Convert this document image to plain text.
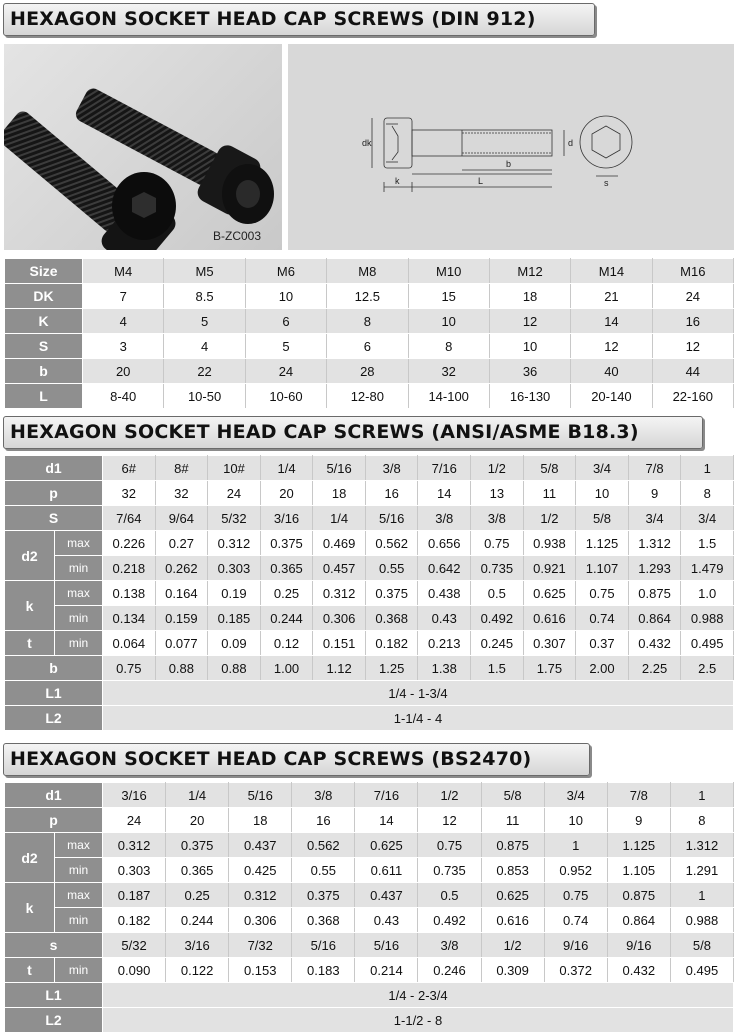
HEXAGON SOCKET HEAD CAP SCREWS (DIN 912)
B-ZC003
dk	d
k	L
b
s
Size	M4	M5	M6	M8	M10	M12	M14	M16
DK	7	8.5	10	12.5	15	18	21	24
K	4	5	6	8	10	12	14	16
S	3	4	5	6	8	10	12	12
b	20	22	24	28	32	36	40	44
L	8-40	10-50	10-60	12-80	14-100	16-130	20-140	22-160
HEXAGON SOCKET HEAD CAP SCREWS (ANSI/ASME B18.3)
d1		6#	8#	10#	1/4	5/16	3/8	7/16	1/2	5/8	3/4	7/8	1
p		32	32	24	20	18	16	14	13	11	10	9	8
S		7/64	9/64	5/32	3/16	1/4	5/16	3/8	3/8	1/2	5/8	3/4	3/4
d2	max	0.226	0.27	0.312	0.375	0.469	0.562	0.656	0.75	0.938	1.125	1.312	1.5
	min	0.218	0.262	0.303	0.365	0.457	0.55	0.642	0.735	0.921	1.107	1.293	1.479
k	max	0.138	0.164	0.19	0.25	0.312	0.375	0.438	0.5	0.625	0.75	0.875	1.0
	min	0.134	0.159	0.185	0.244	0.306	0.368	0.43	0.492	0.616	0.74	0.864	0.988
t	min	0.064	0.077	0.09	0.12	0.151	0.182	0.213	0.245	0.307	0.37	0.432	0.495
b		0.75	0.88	0.88	1.00	1.12	1.25	1.38	1.5	1.75	2.00	2.25	2.5
L1		1/4 - 1-3/4											
L2		1-1/4 - 4											
HEXAGON SOCKET HEAD CAP SCREWS (BS2470)
d1		3/16	1/4	5/16	3/8	7/16	1/2	5/8	3/4	7/8	1
p		24	20	18	16	14	12	11	10	9	8
d2	max	0.312	0.375	0.437	0.562	0.625	0.75	0.875	1	1.125	1.312
	min	0.303	0.365	0.425	0.55	0.611	0.735	0.853	0.952	1.105	1.291
k	max	0.187	0.25	0.312	0.375	0.437	0.5	0.625	0.75	0.875	1
	min	0.182	0.244	0.306	0.368	0.43	0.492	0.616	0.74	0.864	0.988
s		5/32	3/16	7/32	5/16	5/16	3/8	1/2	9/16	9/16	5/8
t	min	0.090	0.122	0.153	0.183	0.214	0.246	0.309	0.372	0.432	0.495
L1		1/4 - 2-3/4									
L2		1-1/2 - 8									
